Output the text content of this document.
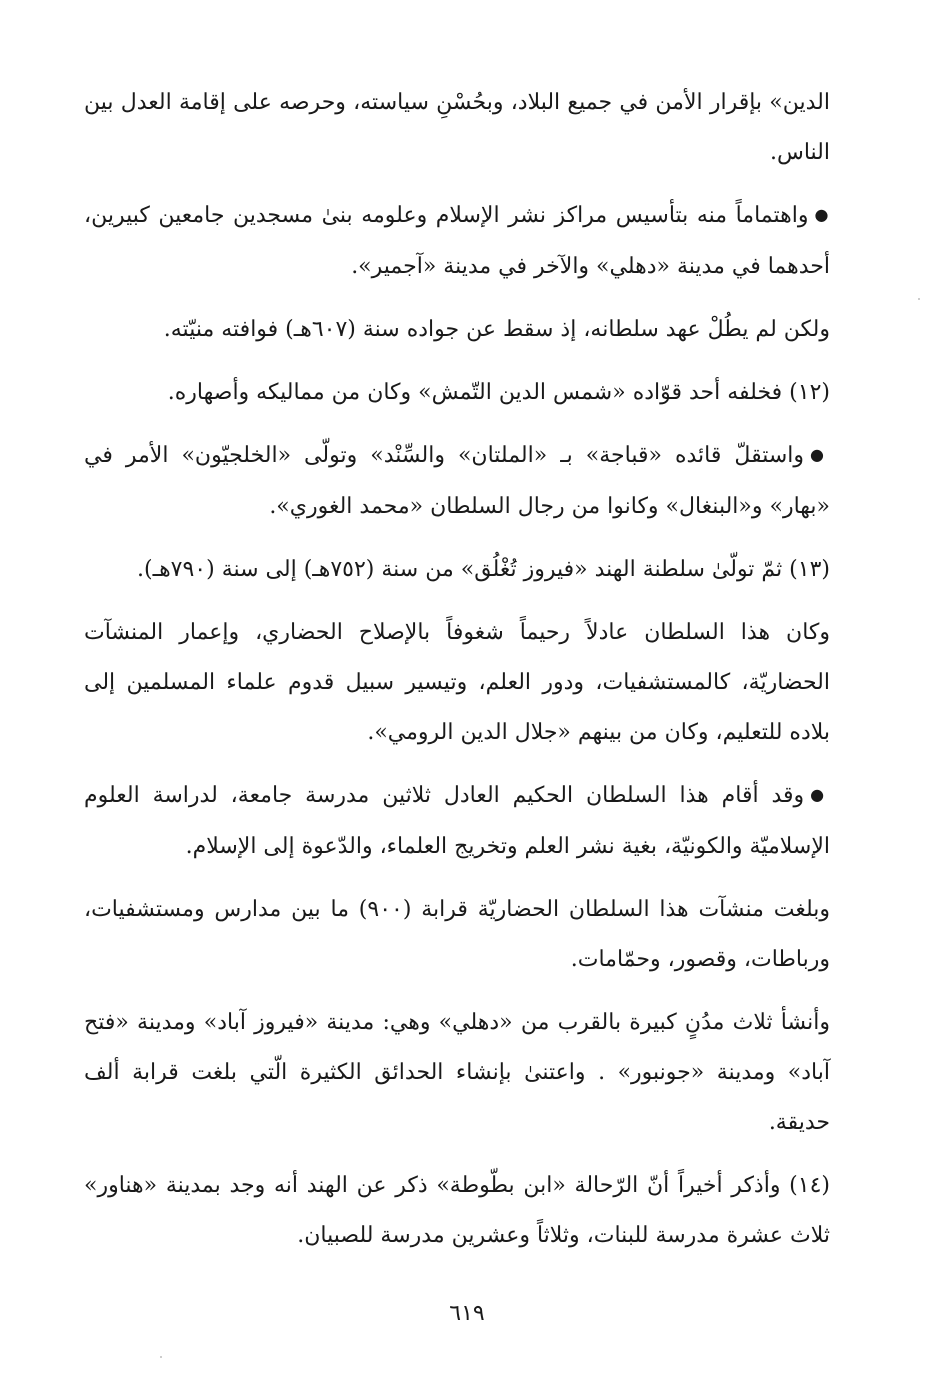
الدين» بإقرار الأمن في جميع البلاد، وبحُسْنِ سياسته، وحرصه على إقامة العدل بين الناس.

●واهتماماً منه بتأسيس مراكز نشر الإسلام وعلومه بنىٰ مسجدين جامعين كبيرين، أحدهما في مدينة «دهلي» والآخر في مدينة «آجمير».

ولكن لم يطُلْ عهد سلطانه، إذ سقط عن جواده سنة (٦٠٧هـ) فوافته منيّته.

(١٢) فخلفه أحد قوّاده «شمس الدين التّمش» وكان من مماليكه وأصهاره.

●واستقلّ قائده «قباجة» بـ «الملتان» والسِّنْد» وتولّى «الخلجيّون» الأمر في «بهار» و«البنغال» وكانوا من رجال السلطان «محمد الغوري».

(١٣) ثمّ تولّىٰ سلطنة الهند «فيروز تُغْلُق» من سنة (٧٥٢هـ) إلى سنة (٧٩٠هـ).

وكان هذا السلطان عادلاً رحيماً شغوفاً بالإصلاح الحضاري، وإعمار المنشآت الحضاريّة، كالمستشفيات، ودور العلم، وتيسير سبيل قدوم علماء المسلمين إلى بلاده للتعليم، وكان من بينهم «جلال الدين الرومي».

●وقد أقام هذا السلطان الحكيم العادل ثلاثين مدرسة جامعة، لدراسة العلوم الإسلاميّة والكونيّة، بغية نشر العلم وتخريج العلماء، والدّعوة إلى الإسلام.

وبلغت منشآت هذا السلطان الحضاريّة قرابة (٩٠٠) ما بين مدارس ومستشفيات، ورباطات، وقصور، وحمّامات.

وأنشأ ثلاث مدُنٍ كبيرة بالقرب من «دهلي» وهي: مدينة «فيروز آباد» ومدينة «فتح آباد» ومدينة «جونبور» . واعتنىٰ بإنشاء الحدائق الكثيرة الّتي بلغت قرابة ألف حديقة.

(١٤) وأذكر أخيراً أنّ الرّحالة «ابن بطّوطة» ذكر عن الهند أنه وجد بمدينة «هناور» ثلاث عشرة مدرسة للبنات، وثلاثاً وعشرين مدرسة للصبيان.

٦١٩
